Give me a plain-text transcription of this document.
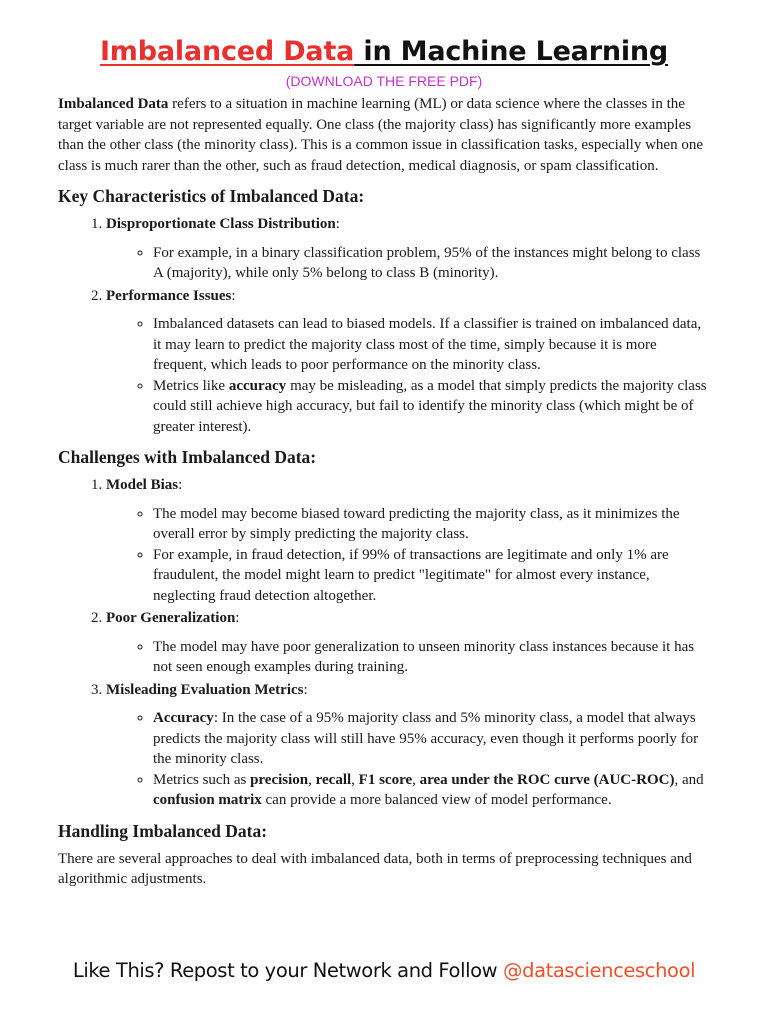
Imbalanced Data in Machine Learning
(DOWNLOAD THE FREE PDF)

Imbalanced Data refers to a situation in machine learning (ML) or data science where the classes in the target variable are not represented equally. One class (the majority class) has significantly more examples than the other class (the minority class). This is a common issue in classification tasks, especially when one class is much rarer than the other, such as fraud detection, medical diagnosis, or spam classification.

Key Characteristics of Imbalanced Data:
1. Disproportionate Class Distribution:
◦ For example, in a binary classification problem, 95% of the instances might belong to class A (majority), while only 5% belong to class B (minority).
2. Performance Issues:
◦ Imbalanced datasets can lead to biased models. If a classifier is trained on imbalanced data, it may learn to predict the majority class most of the time, simply because it is more frequent, which leads to poor performance on the minority class.
◦ Metrics like accuracy may be misleading, as a model that simply predicts the majority class could still achieve high accuracy, but fail to identify the minority class (which might be of greater interest).
Challenges with Imbalanced Data:
1. Model Bias:
◦ The model may become biased toward predicting the majority class, as it minimizes the overall error by simply predicting the majority class.
◦ For example, in fraud detection, if 99% of transactions are legitimate and only 1% are fraudulent, the model might learn to predict "legitimate" for almost every instance, neglecting fraud detection altogether.
2. Poor Generalization:
◦ The model may have poor generalization to unseen minority class instances because it has not seen enough examples during training.
3. Misleading Evaluation Metrics:
◦ Accuracy: In the case of a 95% majority class and 5% minority class, a model that always predicts the majority class will still have 95% accuracy, even though it performs poorly for the minority class.
◦ Metrics such as precision, recall, F1 score, area under the ROC curve (AUC-ROC), and confusion matrix can provide a more balanced view of model performance.
Handling Imbalanced Data:

There are several approaches to deal with imbalanced data, both in terms of preprocessing techniques and algorithmic adjustments.

Like This? Repost to your Network and Follow @datascienceschool
